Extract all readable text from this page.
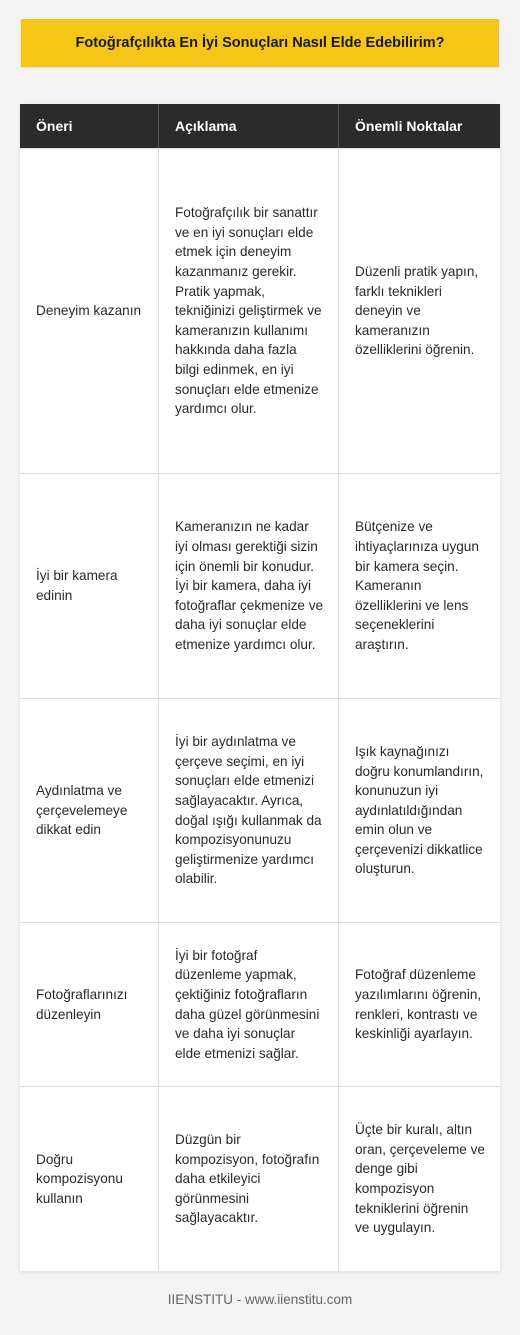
Fotoğrafçılıkta En İyi Sonuçları Nasıl Elde Edebilirim?
Öneri	Açıklama	Önemli Noktalar
Deneyim kazanın
Fotoğrafçılık bir sanattır ve en iyi sonuçları elde etmek için deneyim kazanmanız gerekir. Pratik yapmak, tekniğinizi geliştirmek ve kameranızın kullanımı hakkında daha fazla bilgi edinmek, en iyi sonuçları elde etmenize yardımcı olur.
Düzenli pratik yapın, farklı teknikleri deneyin ve kameranızın özelliklerini öğrenin.
İyi bir kamera edinin
Kameranızın ne kadar iyi olması gerektiği sizin için önemli bir konudur. İyi bir kamera, daha iyi fotoğraflar çekmenize ve daha iyi sonuçlar elde etmenize yardımcı olur.
Bütçenize ve ihtiyaçlarınıza uygun bir kamera seçin. Kameranın özelliklerini ve lens seçeneklerini araştırın.
Aydınlatma ve çerçevelemeye dikkat edin
İyi bir aydınlatma ve çerçeve seçimi, en iyi sonuçları elde etmenizi sağlayacaktır. Ayrıca, doğal ışığı kullanmak da kompozisyonunuzu geliştirmenize yardımcı olabilir.
Işık kaynağınızı doğru konumlandırın, konunuzun iyi aydınlatıldığından emin olun ve çerçevenizi dikkatlice oluşturun.
Fotoğraflarınızı düzenleyin
İyi bir fotoğraf düzenleme yapmak, çektiğiniz fotoğrafların daha güzel görünmesini ve daha iyi sonuçlar elde etmenizi sağlar.
Fotoğraf düzenleme yazılımlarını öğrenin, renkleri, kontrastı ve keskinliği ayarlayın.
Doğru kompozisyonu kullanın
Düzgün bir kompozisyon, fotoğrafın daha etkileyici görünmesini sağlayacaktır.
Üçte bir kuralı, altın oran, çerçeveleme ve denge gibi kompozisyon tekniklerini öğrenin ve uygulayın.
IIENSTITU - www.iienstitu.com
